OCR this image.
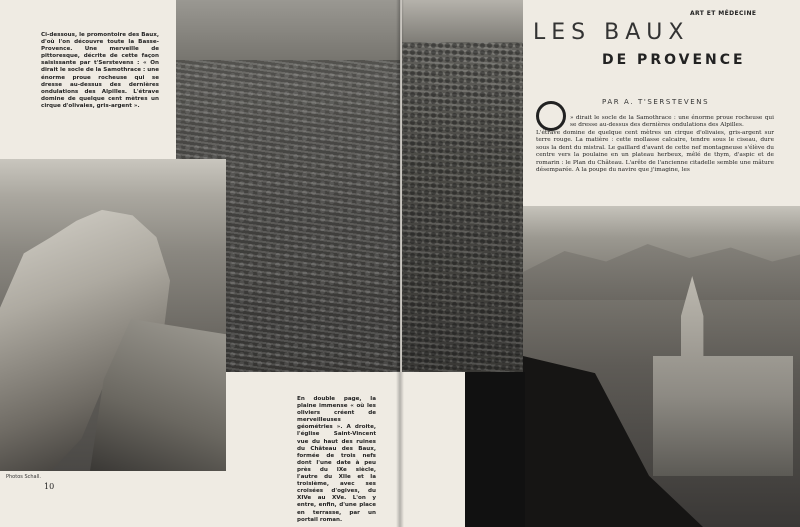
Ci-dessous, le promontoire des Baux, d'où l'on découvre toute la Basse-Provence. Une merveille de pittoresque, décrite de cette façon saisissante par t'Serstevens : « On dirait le socle de la Samothrace : une énorme proue rocheuse qui se dresse au-dessus des dernières ondulations des Alpilles. L'étrave domine de quelque cent mètres un cirque d'olivaies, gris-argent ».

En double page, la plaine immense « où les oliviers créent de merveilleuses géométries ». A droite, l'église Saint-Vincent vue du haut des ruines du Château des Baux, formée de trois nefs dont l'une date à peu près du IXe siècle, l'autre du XIIe et la troisième, avec ses croisées d'ogives, du XIVe au XVe. L'on y entre, enfin, d'une place en terrasse, par un portail roman.

Photos Schall.
10
ART ET MÉDECINE
LES BAUX
DE PROVENCE
PAR A. T'SERSTEVENS

» dirait le socle de la Samothrace : une énorme proue rocheuse qui se dresse au-dessus des dernières ondulations des Alpilles.

L'étrave domine de quelque cent mètres un cirque d'olivaies, gris-argent sur terre rouge. La matière : cette mollasse calcaire, tendre sous le ciseau, dure sous la dent du mistral. Le gaillard d'avant de cette nef montagneuse s'élève du centre vers la poulaine en un plateau herbeux, mêlé de thym, d'aspic et de romarin : le Plan du Château. L'arête de l'ancienne citadelle semble une mâture désemparée. A la poupe du navire que j'imagine, les
